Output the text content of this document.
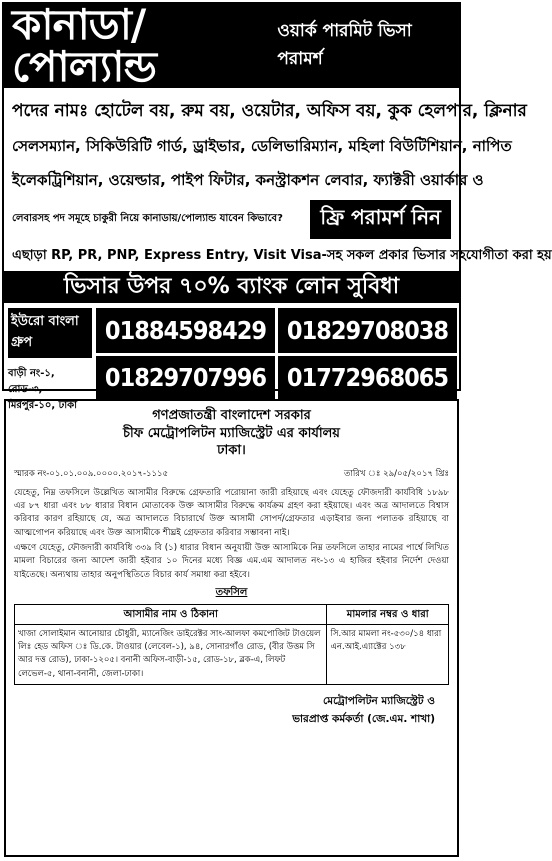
কানাডা/পোল্যান্ড
ওয়ার্ক পারমিট ভিসা পরামর্শ
পদের নামঃ হোটেল বয়, রুম বয়, ওয়েটার, অফিস বয়, কুক হেলপার, ক্লিনার
সেলসম্যান, সিকিউরিটি গার্ড, ড্রাইভার, ডেলিভারিম্যান, মহিলা বিউটিশিয়ান, নাপিত
ইলেকট্রিশিয়ান, ওয়েল্ডার, পাইপ ফিটার, কনস্ট্রাকশন লেবার, ফ্যাক্টরী ওয়ার্কার ও
লেবারসহ পদ সমূহে চাকুরী নিয়ে কানাডায়/পোল্যান্ড যাবেন কিভাবে?	ফ্রি পরামর্শ নিন
এছাড়া RP, PR, PNP, Express Entry, Visit Visa-সহ সকল প্রকার ভিসার সহযোগীতা করা হয়
ভিসার উপর ৭০% ব্যাংক লোন সুবিধা
ইউরো বাংলা গ্রুপ
বাড়ী নং-১, রোড-৩,
মিরপুর-১০, ঢাকা
01884598429 01829708038
01829707996 01772968065
গণপ্রজাতন্ত্রী বাংলাদেশ সরকার
চীফ মেট্রোপলিটন ম্যাজিস্ট্রেট এর কার্যালয়
ঢাকা।
স্মারক নং-০১.০১.০০৯.০০০০.২০১৭-১১১৫	তারিখ ঃ ২৯/০৫/২০১৭ খ্রিঃ

যেহেতু, নিম্ন তফসিলে উল্লেখিত আসামীর বিরুদ্ধে গ্রেফতারি পরোয়ানা জারী রহিয়াছে এবং যেহেতু ফৌজদারী কার্যবিধি ১৮৯৮ এর ৮৭ ধারা এবং ৮৮ ধারার বিধান মোতাবেক উক্ত আসামীর বিরুদ্ধে কার্যক্রম গ্রহণ করা হইয়াছে। এবং অত্র আদালতে বিশ্বাস করিবার কারণ রহিয়াছে যে, অত্র আদালতে বিচারার্থে উক্ত আসামী সোপর্দ/গ্রেফতার এড়াইবার জন্য পলাতক রহিয়াছে বা আত্মগোপন করিয়াছে এবং উক্ত আসামীকে শীঘ্রই গ্রেফতার করিবার সম্ভাবনা নাই।

এক্ষণে যেহেতু, ফৌজদারী কার্যবিধি ৩৩৯ বি (১) ধারার বিধান অনুযায়ী উক্ত আসামিকে নিম্ন তফসিলে তাহার নামের পার্শ্বে লিখিত মামলা বিচারের জন্য আদেশ জারী হইবার ১০ দিনের মধ্যে বিজ্ঞ এম.এম আদালত নং-১৩ এ হাজির হইবার নির্দেশ দেওয়া যাইতেছে। অন্যথায় তাহার অনুপস্থিতিতে বিচার কার্য সমাধা করা হইবে।

তফসিল
আসামীর নাম ও ঠিকানা	মামলার নম্বর ও ধারা
খাজা সোলাইমান আনোয়ার চৌধুরী, ম্যানেজিং ডাইরেক্টর সাং-আলফা কমপোজিট টাওয়েল লিঃ হেড অফিস ঃ ডি.কে. টাওয়ার (লেবেল-১), ৯৪, সোনারগাঁও রোড, (বীর উত্তম সি আর দত্ত রোড), ঢাকা-১২০৫। বনানী অফিস-বাড়ী-১৫, রোড-১৮, ব্লক-এ, লিফট লেভেল-৫, থানা-বনানী, জেলা-ঢাকা।	সি.আর মামলা নং-৫৩০/১৪ ধারা এন.আই.এ্যাক্টের ১৩৮
মেট্রোপলিটন ম্যাজিস্ট্রেট ও
ভারপ্রাপ্ত কর্মকর্তা (জে.এম. শাখা)
